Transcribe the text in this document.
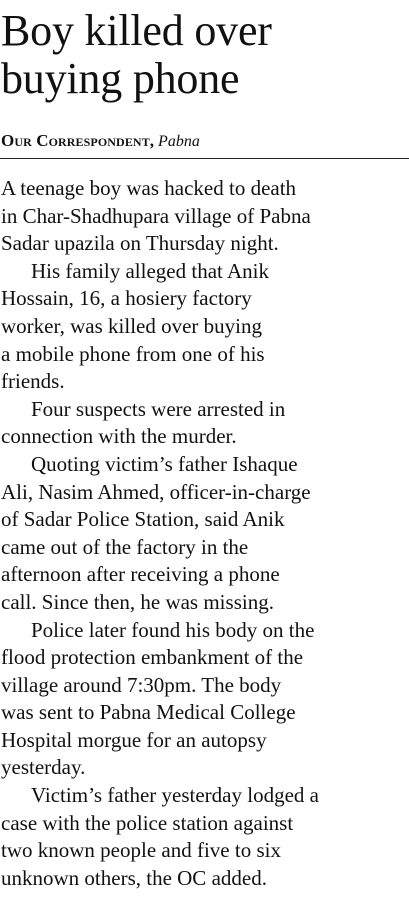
Boy killed over
buying phone
Our Correspondent, Pabna
A teenage boy was hacked to death
in Char-Shadhupara village of Pabna
Sadar upazila on Thursday night.
His family alleged that Anik
Hossain, 16, a hosiery factory
worker, was killed over buying
a mobile phone from one of his
friends.
Four suspects were arrested in
connection with the murder.
Quoting victim’s father Ishaque
Ali, Nasim Ahmed, officer-in-charge
of Sadar Police Station, said Anik
came out of the factory in the
afternoon after receiving a phone
call. Since then, he was missing.
Police later found his body on the
flood protection embankment of the
village around 7:30pm. The body
was sent to Pabna Medical College
Hospital morgue for an autopsy
yesterday.
Victim’s father yesterday lodged a
case with the police station against
two known people and five to six
unknown others, the OC added.
